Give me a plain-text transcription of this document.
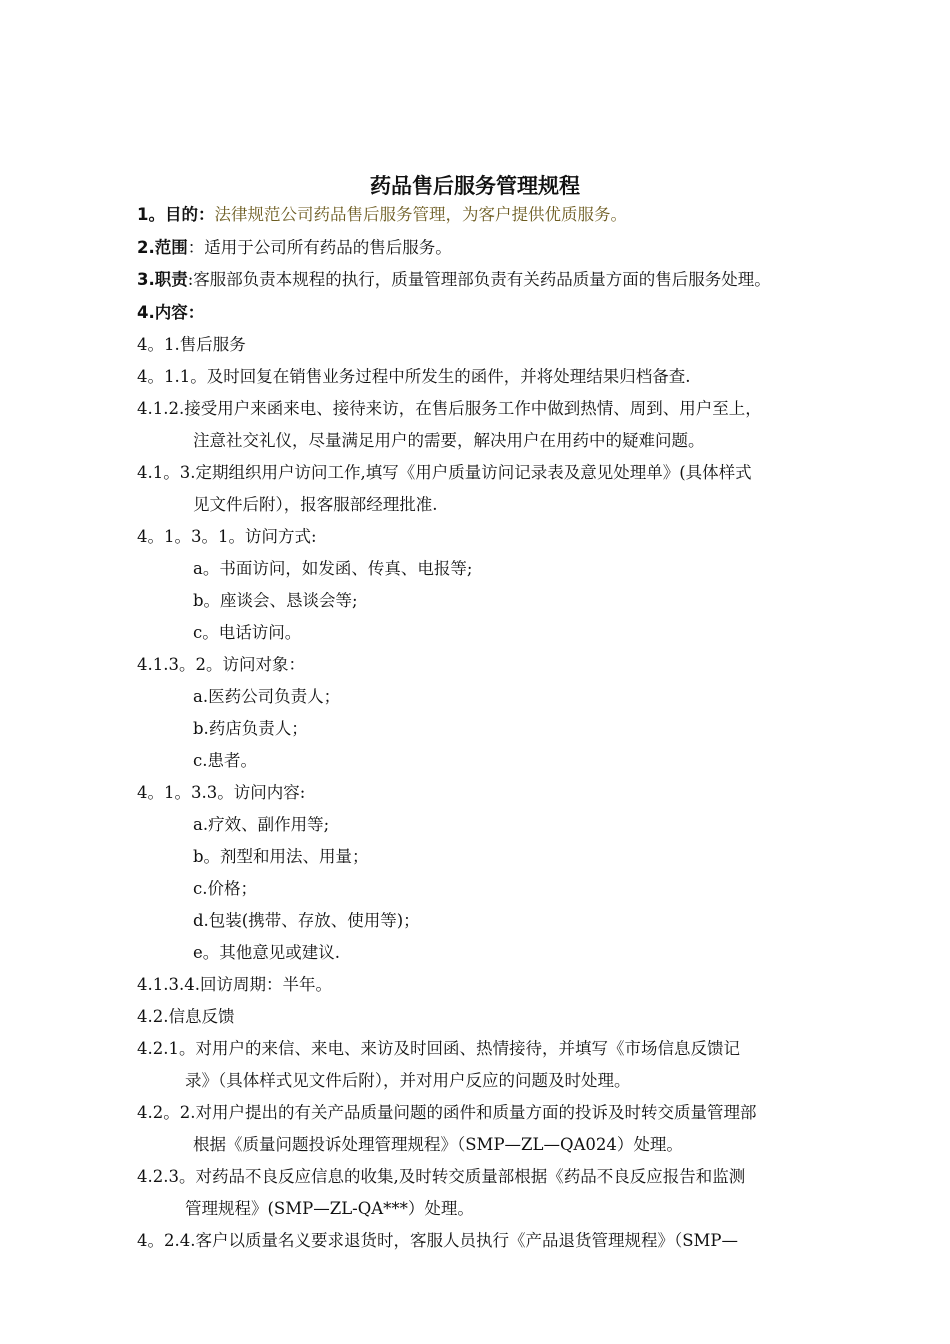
药品售后服务管理规程
1。目的：法律规范公司药品售后服务管理，为客户提供优质服务。
2.范围：适用于公司所有药品的售后服务。
3.职责:客服部负责本规程的执行，质量管理部负责有关药品质量方面的售后服务处理。
4.内容：
4。1.售后服务
4。1.1。及时回复在销售业务过程中所发生的函件，并将处理结果归档备查.
4.1.2.接受用户来函来电、接待来访，在售后服务工作中做到热情、周到、用户至上，
注意社交礼仪，尽量满足用户的需要，解决用户在用药中的疑难问题。
4.1。3.定期组织用户访问工作,填写《用户质量访问记录表及意见处理单》(具体样式
见文件后附），报客服部经理批准.
4。1。3。1。访问方式:
a。书面访问，如发函、传真、电报等;
b。座谈会、恳谈会等;
c。电话访问。
4.1.3。2。访问对象：
a.医药公司负责人；
b.药店负责人；
c.患者。
4。1。3.3。访问内容:
a.疗效、副作用等;
b。剂型和用法、用量；
c.价格；
d.包装(携带、存放、使用等)；
e。其他意见或建议.
4.1.3.4.回访周期：半年。
4.2.信息反馈
4.2.1。对用户的来信、来电、来访及时回函、热情接待，并填写《市场信息反馈记
录》（具体样式见文件后附），并对用户反应的问题及时处理。
4.2。2.对用户提出的有关产品质量问题的函件和质量方面的投诉及时转交质量管理部
根据《质量问题投诉处理管理规程》（SMP—ZL—QA024）处理。
4.2.3。对药品不良反应信息的收集,及时转交质量部根据《药品不良反应报告和监测
管理规程》(SMP—ZL-QA***）处理。
4。2.4.客户以质量名义要求退货时，客服人员执行《产品退货管理规程》（SMP—
